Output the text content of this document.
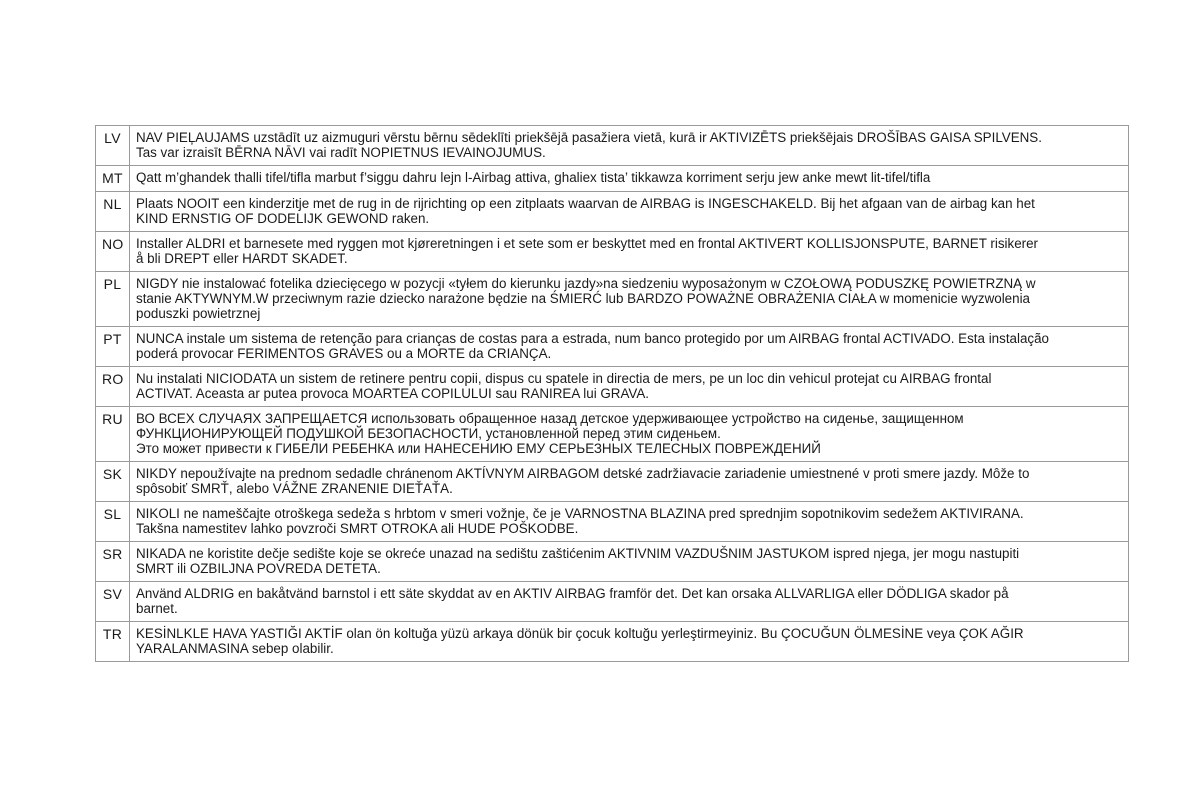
LV	NAV PIEĻAUJAMS uzstādīt uz aizmuguri vērstu bērnu sēdeklīti priekšējā pasažiera vietā, kurā ir AKTIVIZĒTS priekšējais DROŠĪBAS GAISA SPILVENS.
Tas var izraisīt BĒRNA NĀVI vai radīt NOPIETNUS IEVAINOJUMUS.
MT	Qatt m’ghandek thalli tifel/tifla marbut f’siggu dahru lejn l-Airbag attiva, ghaliex tista’ tikkawza korriment serju jew anke mewt lit-tifel/tifla
NL	Plaats NOOIT een kinderzitje met de rug in de rijrichting op een zitplaats waarvan de AIRBAG is INGESCHAKELD. Bij het afgaan van de airbag kan het
KIND ERNSTIG OF DODELIJK GEWOND raken.
NO	Installer ALDRI et barnesete med ryggen mot kjøreretningen i et sete som er beskyttet med en frontal AKTIVERT KOLLISJONSPUTE, BARNET risikerer
å bli DREPT eller HARDT SKADET.
PL	NIGDY nie instalować fotelika dziecięcego w pozycji «tyłem do kierunku jazdy»na siedzeniu wyposażonym w CZOŁOWĄ PODUSZKĘ POWIETRZNĄ w
stanie AKTYWNYM.W przeciwnym razie dziecko narażone będzie na ŚMIERĆ lub BARDZO POWAŻNE OBRAŻENIA CIAŁA w momenicie wyzwolenia
poduszki powietrznej
PT	NUNCA instale um sistema de retenção para crianças de costas para a estrada, num banco protegido por um AIRBAG frontal ACTIVADO. Esta instalação
poderá provocar FERIMENTOS GRAVES ou a MORTE da CRIANÇA.
RO	Nu instalati NICIODATA un sistem de retinere pentru copii, dispus cu spatele in directia de mers, pe un loc din vehicul protejat cu AIRBAG frontal
ACTIVAT. Aceasta ar putea provoca MOARTEA COPILULUI sau RANIREA lui GRAVA.
RU	ВО ВСЕХ СЛУЧАЯХ ЗАПРЕЩАЕТСЯ использовать обращенное назад детское удерживающее устройство на сиденье, защищенном
ФУНКЦИОНИРУЮЩЕЙ ПОДУШКОЙ БЕЗОПАСНОСТИ, установленной перед этим сиденьем.
Это может привести к ГИБЕЛИ РЕБЕНКА или НАНЕСЕНИЮ ЕМУ СЕРЬЕЗНЫХ ТЕЛЕСНЫХ ПОВРЕЖДЕНИЙ
SK	NIKDY nepoužívajte na prednom sedadle chránenom AKTÍVNYM AIRBAGOM detské zadržiavacie zariadenie umiestnené v proti smere jazdy. Môže to
spôsobiť SMRŤ, alebo VÁŽNE ZRANENIE DIEŤAŤA.
SL	NIKOLI ne nameščajte otroškega sedeža s hrbtom v smeri vožnje, če je VARNOSTNA BLAZINA pred sprednjim sopotnikovim sedežem AKTIVIRANA.
Takšna namestitev lahko povzroči SMRT OTROKA ali HUDE POŠKODBE.
SR	NIKADA ne koristite dečje sedište koje se okreće unazad na sedištu zaštićenim AKTIVNIM VAZDUŠNIM JASTUKOM ispred njega, jer mogu nastupiti
SMRT ili OZBILJNA POVREDA DETETA.
SV	Använd ALDRIG en bakåtvänd barnstol i ett säte skyddat av en AKTIV AIRBAG framför det. Det kan orsaka ALLVARLIGA eller DÖDLIGA skador på
barnet.
TR	KESİNLKLE HAVA YASTIĞI AKTİF olan ön koltuğa yüzü arkaya dönük bir çocuk koltuğu yerleştirmeyiniz. Bu ÇOCUĞUN ÖLMESİNE veya ÇOK AĞIR
YARALANMASINA sebep olabilir.
